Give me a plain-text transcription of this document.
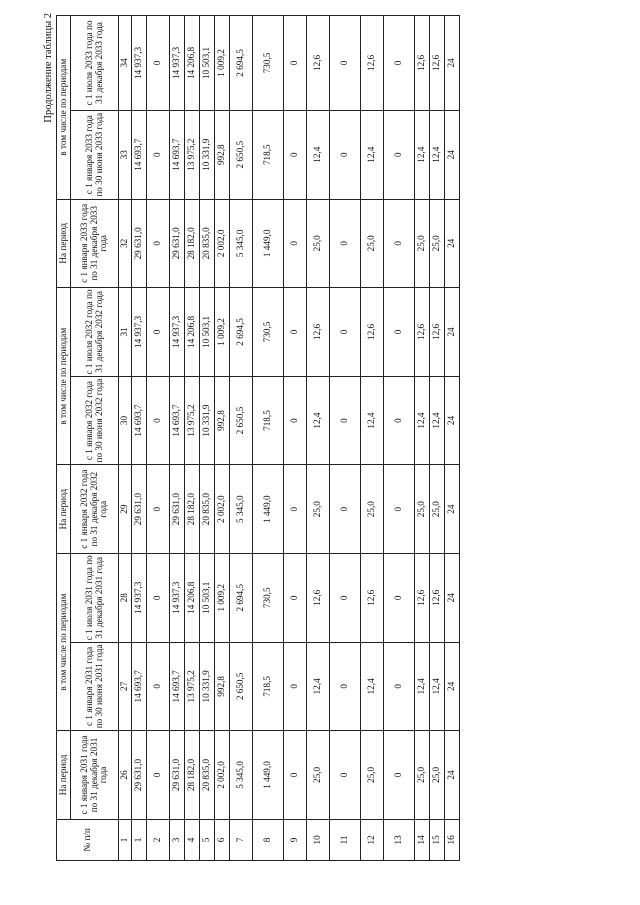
Продолжение таблицы 2
№ п/п	На период	в том числе по периодам		На период	в том числе по периодам		На период	в том числе по периодам	
	с 1 января 2031 года по 31 декабря 2031 года	с 1 января 2031 года по 30 июня 2031 года	с 1 июля 2031 года по 31 декабря 2031 года	с 1 января 2032 года по 31 декабря 2032 года	с 1 января 2032 года по 30 июня 2032 года	с 1 июля 2032 года по 31 декабря 2032 года	с 1 января 2033 года по 31 декабря 2033 года	с 1 января 2033 года по 30 июня 2033 года	с 1 июля 2033 года по 31 декабря 2033 года
1	26	27	28	29	30	31	32	33	34
1	29 631,0	14 693,7	14 937,3	29 631,0	14 693,7	14 937,3	29 631,0	14 693,7	14 937,3
2	0	0	0	0	0	0	0	0	0
3	29 631,0	14 693,7	14 937,3	29 631,0	14 693,7	14 937,3	29 631,0	14 693,7	14 937,3
4	28 182,0	13 975,2	14 206,8	28 182,0	13 975,2	14 206,8	28 182,0	13 975,2	14 206,8
5	20 835,0	10 331,9	10 503,1	20 835,0	10 331,9	10 503,1	20 835,0	10 331,9	10 503,1
6	2 002,0	992,8	1 009,2	2 002,0	992,8	1 009,2	2 002,0	992,8	1 009,2
7	5 345,0	2 650,5	2 694,5	5 345,0	2 650,5	2 694,5	5 345,0	2 650,5	2 694,5
8	1 449,0	718,5	730,5	1 449,0	718,5	730,5	1 449,0	718,5	730,5
9	0	0	0	0	0	0	0	0	0
10	25,0	12,4	12,6	25,0	12,4	12,6	25,0	12,4	12,6
11	0	0	0	0	0	0	0	0	0
12	25,0	12,4	12,6	25,0	12,4	12,6	25,0	12,4	12,6
13	0	0	0	0	0	0	0	0	0
14	25,0	12,4	12,6	25,0	12,4	12,6	25,0	12,4	12,6
15	25,0	12,4	12,6	25,0	12,4	12,6	25,0	12,4	12,6
16	24	24	24	24	24	24	24	24	24
